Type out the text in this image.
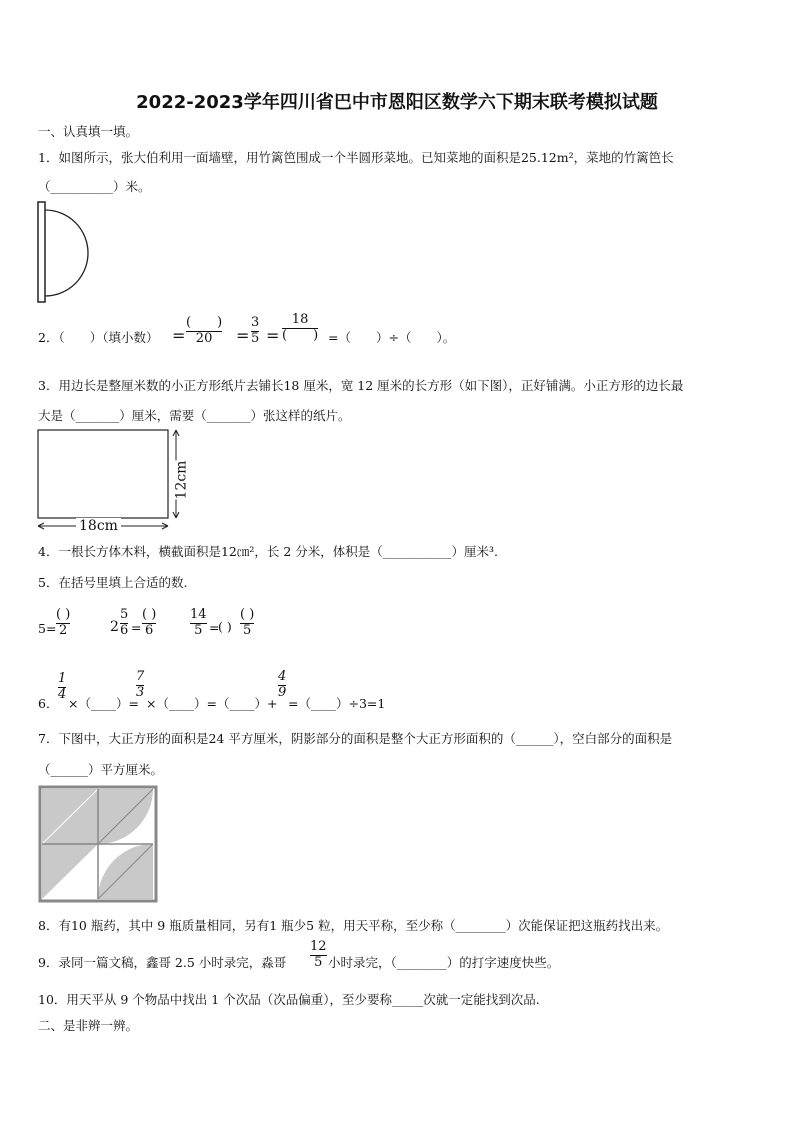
2022-2023学年四川省巴中市恩阳区数学六下期末联考模拟试题
一、认真填一填。
1．如图所示，张大伯利用一面墙壁，用竹篱笆围成一个半圆形菜地。已知菜地的面积是25.12m²，菜地的竹篱笆长
（__________）米。
2．（　　）（填小数） =
(　　)
20 =
3
5 =
18
(　　) =（　　）÷（　　）。
3．用边长是整厘米数的小正方形纸片去铺长18 厘米，宽 12 厘米的长方形（如下图），正好铺满。小正方形的边长最
大是（_______）厘米，需要（_______）张这样的纸片。
18cm
12cm
4．一根长方体木料，横截面积是12㎝²，长 2 分米，体积是（___________）厘米³.
5．在括号里填上合适的数.
5=
( )
2	2
5
6 =
( )
6
14
5 =
( )
( )
5
6．
1
4
×（____）=
7
3
×（____）=（____）+
4
9
=（____）÷3=1
7．下图中，大正方形的面积是24 平方厘米，阴影部分的面积是整个大正方形面积的（______），空白部分的面积是
（______）平方厘米。
8．有10 瓶药，其中 9 瓶质量相同，另有1 瓶少5 粒，用天平称，至少称（________）次能保证把这瓶药找出来。
9．录同一篇文稿，鑫哥 2.5 小时录完，淼哥
12
5 小时录完，（________）的打字速度快些。
10．用天平从 9 个物品中找出 1 个次品（次品偏重），至少要称_____次就一定能找到次品.
二、是非辨一辨。
